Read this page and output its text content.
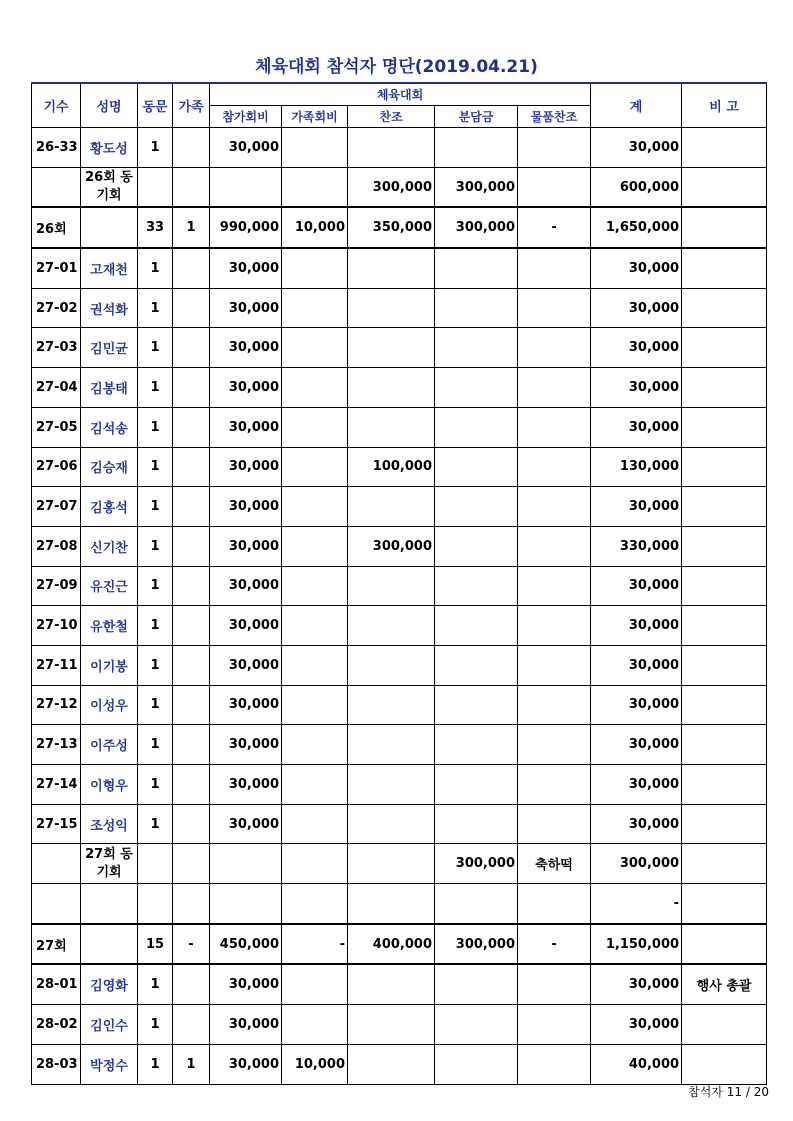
체육대회 참석자 명단(2019.04.21)
기수	성명	동문	가족	체육대회					계	비 고
				참가회비	가족회비	찬조	분담금	물품찬조		
26-33	황도성	1		30,000					30,000	
	26회 동기회					300,000	300,000		600,000	
26회		33	1	990,000	10,000	350,000	300,000	-	1,650,000	
27-01	고재천	1		30,000					30,000	
27-02	권석화	1		30,000					30,000	
27-03	김민균	1		30,000					30,000	
27-04	김봉태	1		30,000					30,000	
27-05	김석송	1		30,000					30,000	
27-06	김승재	1		30,000		100,000			130,000	
27-07	김홍석	1		30,000					30,000	
27-08	신기찬	1		30,000		300,000			330,000	
27-09	유진근	1		30,000					30,000	
27-10	유한철	1		30,000					30,000	
27-11	이기봉	1		30,000					30,000	
27-12	이성우	1		30,000					30,000	
27-13	이주성	1		30,000					30,000	
27-14	이형우	1		30,000					30,000	
27-15	조성익	1		30,000					30,000	
	27회 동기회						300,000	축하떡	300,000	
									-	
27회		15	-	450,000	-	400,000	300,000	-	1,150,000	
28-01	김영화	1		30,000					30,000	행사 총괄
28-02	김인수	1		30,000					30,000	
28-03	박정수	1	1	30,000	10,000				40,000	
참석자 11 / 20
